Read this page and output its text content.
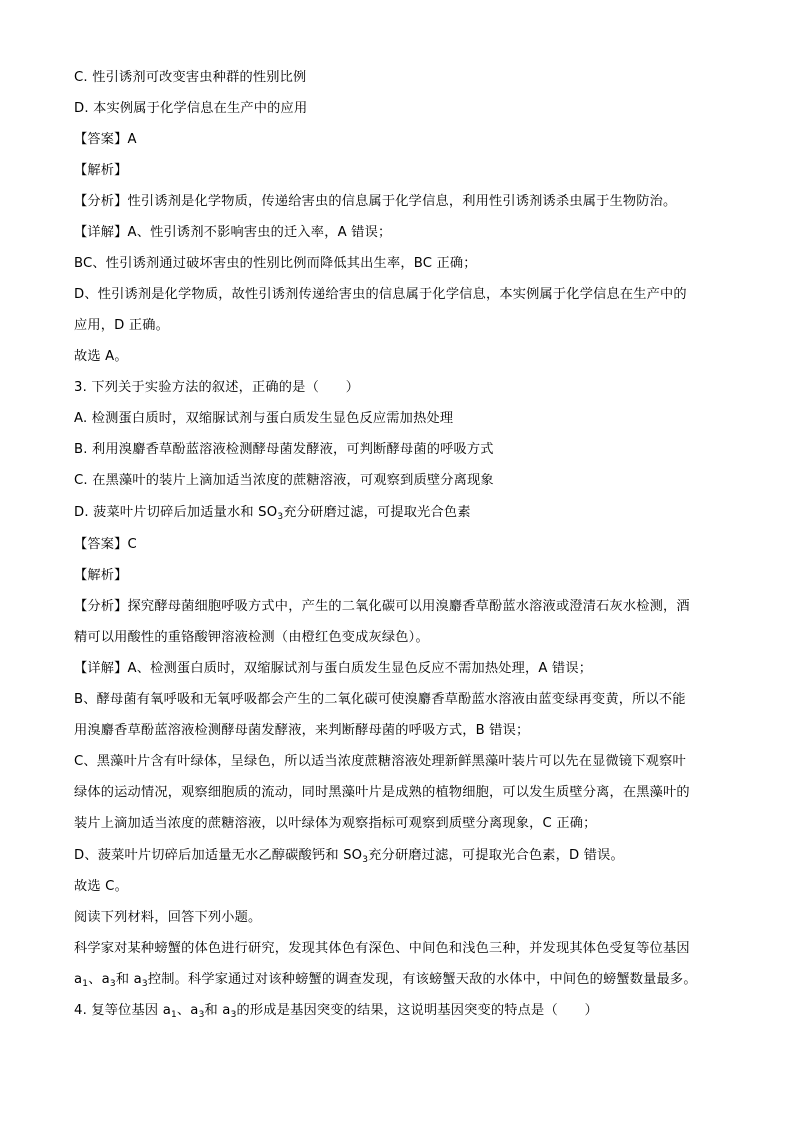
C. 性引诱剂可改变害虫种群的性别比例
D. 本实例属于化学信息在生产中的应用
【答案】A
【解析】
【分析】性引诱剂是化学物质，传递给害虫的信息属于化学信息，利用性引诱剂诱杀虫属于生物防治。
【详解】A、性引诱剂不影响害虫的迁入率，A 错误；
BC、性引诱剂通过破坏害虫的性别比例而降低其出生率，BC 正确；
D、性引诱剂是化学物质，故性引诱剂传递给害虫的信息属于化学信息，本实例属于化学信息在生产中的
应用，D 正确。
故选 A。
3. 下列关于实验方法的叙述，正确的是（　　）
A. 检测蛋白质时，双缩脲试剂与蛋白质发生显色反应需加热处理
B. 利用溴麝香草酚蓝溶液检测酵母菌发酵液，可判断酵母菌的呼吸方式
C. 在黑藻叶的装片上滴加适当浓度的蔗糖溶液，可观察到质壁分离现象
D. 菠菜叶片切碎后加适量水和 $SO_3$充分研磨过滤，可提取光合色素
【答案】C
【解析】
【分析】探究酵母菌细胞呼吸方式中，产生的二氧化碳可以用溴麝香草酚蓝水溶液或澄清石灰水检测，酒
精可以用酸性的重铬酸钾溶液检测（由橙红色变成灰绿色）。
【详解】A、检测蛋白质时，双缩脲试剂与蛋白质发生显色反应不需加热处理，A 错误；
B、酵母菌有氧呼吸和无氧呼吸都会产生的二氧化碳可使溴麝香草酚蓝水溶液由蓝变绿再变黄，所以不能
用溴麝香草酚蓝溶液检测酵母菌发酵液，来判断酵母菌的呼吸方式，B 错误；
C、黑藻叶片含有叶绿体，呈绿色，所以适当浓度蔗糖溶液处理新鲜黑藻叶装片可以先在显微镜下观察叶
绿体的运动情况，观察细胞质的流动，同时黑藻叶片是成熟的植物细胞，可以发生质壁分离，在黑藻叶的
装片上滴加适当浓度的蔗糖溶液，以叶绿体为观察指标可观察到质壁分离现象，C 正确；
D、菠菜叶片切碎后加适量无水乙醇碳酸钙和 $SO_3$充分研磨过滤，可提取光合色素，D 错误。
故选 C。
阅读下列材料，回答下列小题。
科学家对某种螃蟹的体色进行研究，发现其体色有深色、中间色和浅色三种，并发现其体色受复等位基因
$a_1$、$a_3$和 $a_3$控制。科学家通过对该种螃蟹的调查发现，有该螃蟹天敌的水体中，中间色的螃蟹数量最多。
4. 复等位基因 $a_1$、$a_3$和 $a_3$的形成是基因突变的结果，这说明基因突变的特点是（　　）
